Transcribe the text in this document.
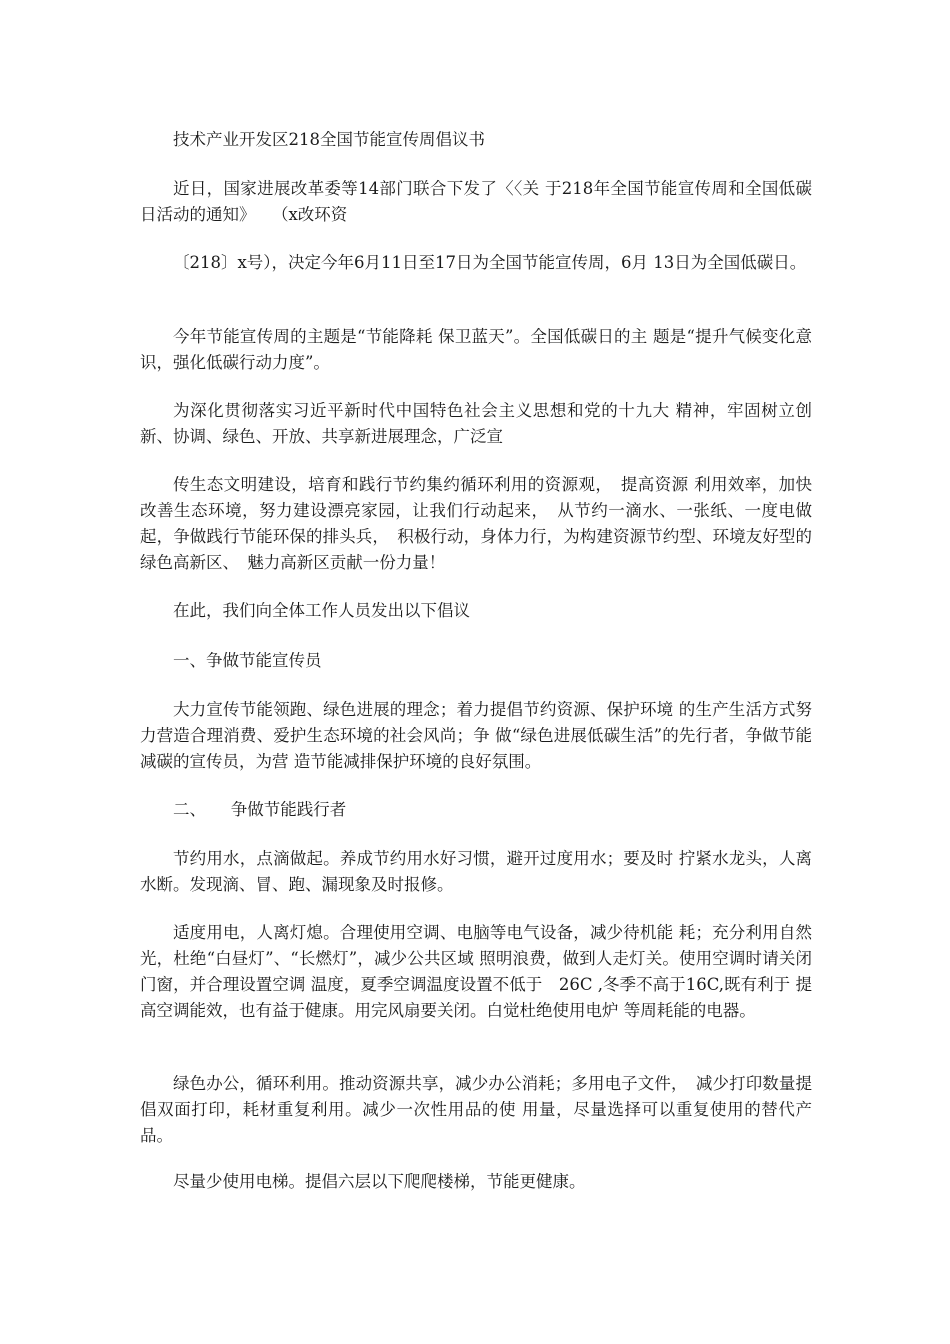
技术产业开发区218全国节能宣传周倡议书

近日，国家进展改革委等14部门联合下发了〈〈关 于218年全国节能宣传周和全国低碳日活动的通知》　　（x改环资

〔218〕x号），决定今年6月11日至17日为全国节能宣传周，6月 13日为全国低碳日。

今年节能宣传周的主题是“节能降耗 保卫蓝天”。全国低碳日的主 题是“提升气候变化意识，强化低碳行动力度”。

为深化贯彻落实习近平新时代中国特色社会主义思想和党的十九大 精神，牢固树立创新、协调、绿色、开放、共享新进展理念，广泛宣

传生态文明建设，培育和践行节约集约循环利用的资源观，　提高资源 利用效率，加快改善生态环境，努力建设漂亮家园，让我们行动起来，　从节约一滴水、一张纸、一度电做起，争做践行节能环保的排头兵，　积极行动，身体力行，为构建资源节约型、环境友好型的绿色高新区、　魅力高新区贡献一份力量！

在此，我们向全体工作人员发出以下倡议

一、争做节能宣传员

大力宣传节能领跑、绿色进展的理念；着力提倡节约资源、保护环境 的生产生活方式努力营造合理消费、爱护生态环境的社会风尚；争 做“绿色进展低碳生活”的先行者，争做节能减碳的宣传员，为营 造节能减排保护环境的良好氛围。

二、　　争做节能践行者

节约用水，点滴做起。养成节约用水好习惯，避开过度用水；要及时 拧紧水龙头，人离水断。发现滴、冒、跑、漏现象及时报修。

适度用电，人离灯熄。合理使用空调、电脑等电气设备，减少待机能 耗；充分利用自然光，杜绝“白昼灯”、“长燃灯”，减少公共区域 照明浪费，做到人走灯关。使用空调时请关闭门窗，并合理设置空调 温度，夏季空调温度设置不低于　26C ,冬季不高于16C,既有利于 提高空调能效，也有益于健康。用完风扇要关闭。白觉杜绝使用电炉 等周耗能的电器。

绿色办公，循环利用。推动资源共享，减少办公消耗；多用电子文件，　减少打印数量提倡双面打印，耗材重复利用。减少一次性用品的使 用量，尽量选择可以重复使用的替代产品。

尽量少使用电梯。提倡六层以下爬爬楼梯，节能更健康。
